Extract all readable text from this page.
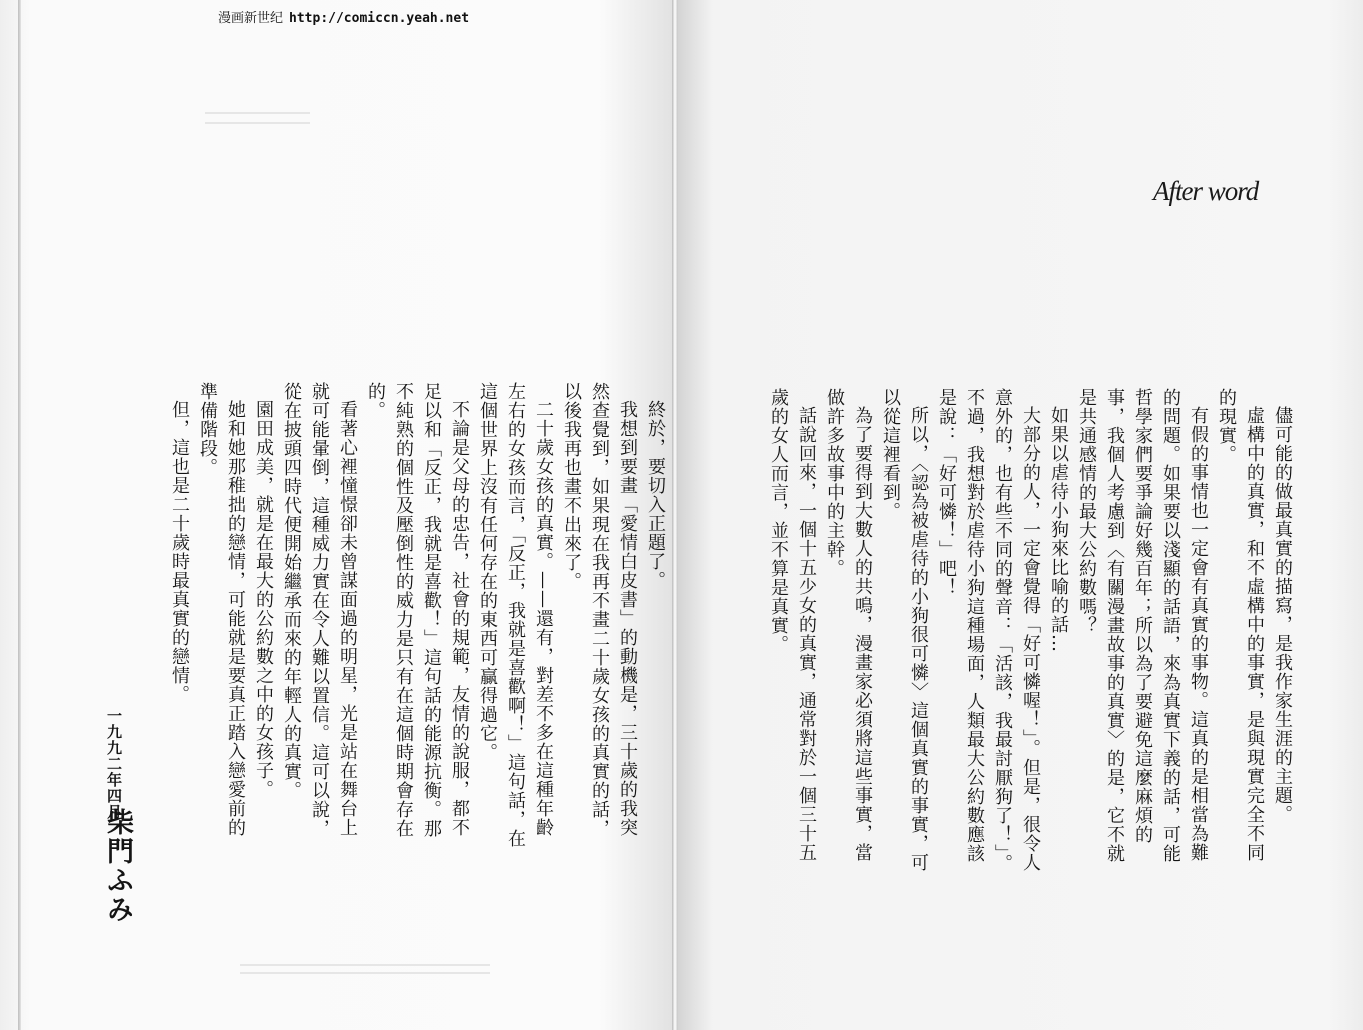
終於，要切入正題了。

我想到要畫「愛情白皮書」的動機是，三十歲的我突然查覺到，如果現在我再不畫二十歲女孩的真實的話，以後我再也畫不出來了。

二十歲女孩的真實。——還有，對差不多在這種年齡左右的女孩而言，「反正，我就是喜歡啊！」這句話，在這個世界上沒有任何存在的東西可贏得過它。

不論是父母的忠告，社會的規範，友情的說服，都不足以和「反正，我就是喜歡！」這句話的能源抗衡。那不純熟的個性及壓倒性的威力是只有在這個時期會存在的。

看著心裡憧憬卻未曾謀面過的明星，光是站在舞台上就可能暈倒，這種威力實在令人難以置信。這可以說，從在披頭四時代便開始繼承而來的年輕人的真實。

園田成美，就是在最大的公約數之中的女孩子。

她和她那稚拙的戀情，可能就是要真正踏入戀愛前的準備階段。

但，這也是二十歲時最真實的戀情。

一九九二年四月
柴門ふみ
After word

儘可能的做最真實的描寫，是我作家生涯的主題。

虛構中的真實，和不虛構中的事實，是與現實完全不同的現實。

有假的事情也一定會有真實的事物。這真的是相當為難的問題。如果要以淺顯的話語，來為真實下義的話，可能哲學家們要爭論好幾百年；所以為了要避免這麼麻煩的事，我個人考慮到〈有關漫畫故事的真實〉的是，它不就是共通感情的最大公約數嗎？

如果以虐待小狗來比喻的話…

大部分的人，一定會覺得「好可憐喔！」。但是，很令人意外的，也有些不同的聲音：「活該，我最討厭狗了！」。不過，我想對於虐待小狗這種場面，人類最大公約數應該是說：「好可憐！」吧！

所以，〈認為被虐待的小狗很可憐〉這個真實的事實，可以從這裡看到。

為了要得到大數人的共鳴，漫畫家必須將這些事實，當做許多故事中的主幹。

話說回來，一個十五少女的真實，通常對於一個三十五歲的女人而言，並不算是真實。

漫画新世纪 http://comiccn.yeah.net
